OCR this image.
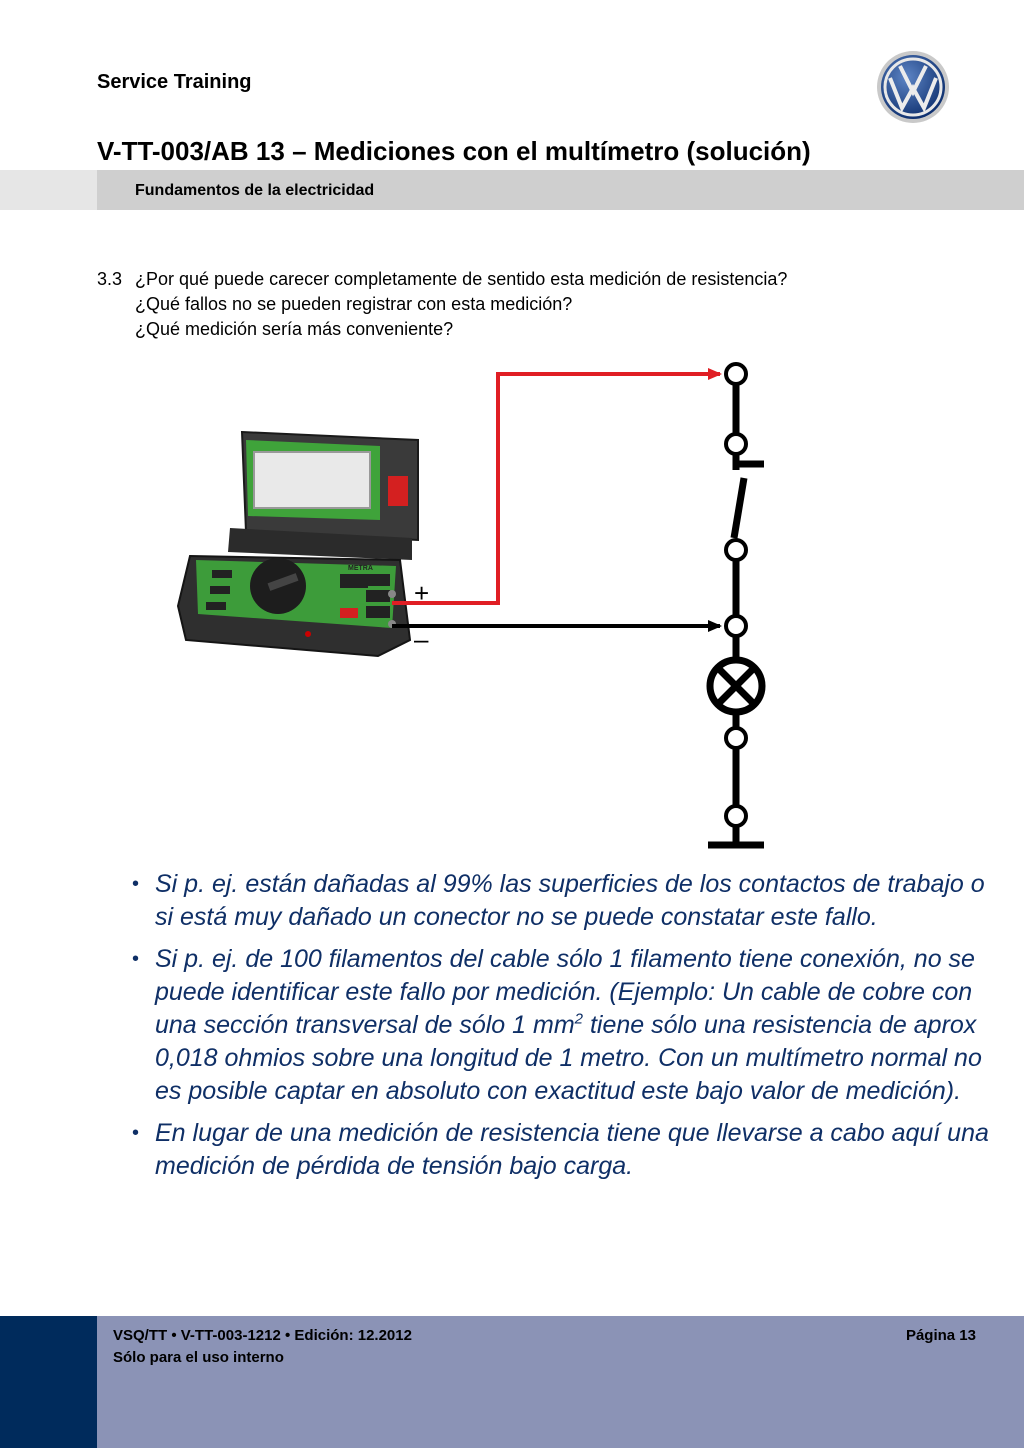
Service Training
V-TT-003/AB 13 – Mediciones con el multímetro (solución)
Fundamentos de la electricidad
3.3 ¿Por qué puede carecer completamente de sentido esta medición de resistencia?
¿Qué fallos no se pueden registrar con esta medición?
¿Qué medición sería más conveniente?
METRA
+
–
• Si p. ej. están dañadas al 99% las superficies de los contactos de trabajo o si está muy dañado un conector no se puede constatar este fallo.
• Si p. ej. de 100 filamentos del cable sólo 1 filamento tiene conexión, no se puede identificar este fallo por medición. (Ejemplo: Un cable de cobre con una sección transversal de sólo 1 $mm^2$ tiene sólo una resistencia de aprox 0,018 ohmios sobre una longitud de 1 metro. Con un multímetro normal no es posible captar en absoluto con exactitud este bajo valor de medición).
• En lugar de una medición de resistencia tiene que llevarse a cabo aquí una medición de pérdida de tensión bajo carga.
VSQ/TT • V-TT-003-1212 • Edición: 12.2012
Sólo para el uso interno
Página 13
